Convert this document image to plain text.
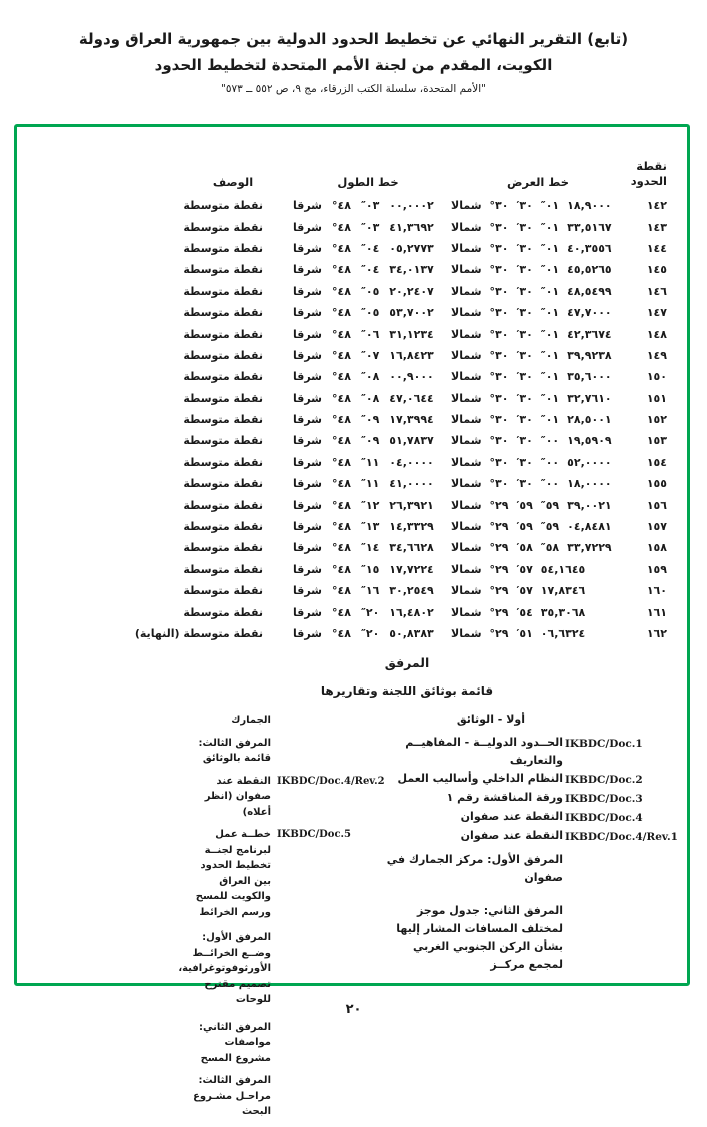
(تابع) التقرير النهائي عن تخطيط الحدود الدولية بين جمهورية العراق ودولة
الكويت، المقدم من لجنة الأمم المتحدة لتخطيط الحدود
"الأمم المتحدة، سلسلة الكتب الزرقاء، مج ٩، ص ٥٥٢ ــ ٥٧٣"
الوصف	خط الطول	خط العرض
نقطة
الحدود
نقطة متوسطة	شرقا °٤٨ ″٠٣ ٠٠,٠٠٠٢ شمالا °٣٠ ′٣٠ ″٠١ ١٨,٩٠٠٠	١٤٢
نقطة متوسطة	شرقا °٤٨ ″٠٣ ٤١,٣٦٩٢ شمالا °٣٠ ′٣٠ ″٠١ ٣٣,٥١٦٧	١٤٣
نقطة متوسطة	شرقا °٤٨ ″٠٤ ٠٥,٢٧٧٣ شمالا °٣٠ ′٣٠ ″٠١ ٤٠,٣٥٥٦	١٤٤
نقطة متوسطة	شرقا °٤٨ ″٠٤ ٣٤,٠١٣٧ شمالا °٣٠ ′٣٠ ″٠١ ٤٥,٥٢٦٥	١٤٥
نقطة متوسطة	شرقا °٤٨ ″٠٥ ٢٠,٢٤٠٧ شمالا °٣٠ ′٣٠ ″٠١ ٤٨,٥٤٩٩	١٤٦
نقطة متوسطة	شرقا °٤٨ ″٠٥ ٥٣,٧٠٠٢ شمالا °٣٠ ′٣٠ ″٠١ ٤٧,٧٠٠٠	١٤٧
نقطة متوسطة	شرقا °٤٨ ″٠٦ ٣١,١٢٣٤ شمالا °٣٠ ′٣٠ ″٠١ ٤٢,٣٦٧٤	١٤٨
نقطة متوسطة	شرقا °٤٨ ″٠٧ ١٦,٨٤٢٣ شمالا °٣٠ ′٣٠ ″٠١ ٣٩,٩٢٣٨	١٤٩
نقطة متوسطة	شرقا °٤٨ ″٠٨ ٠٠,٩٠٠٠ شمالا °٣٠ ′٣٠ ″٠١ ٣٥,٦٠٠٠	١٥٠
نقطة متوسطة	شرقا °٤٨ ″٠٨ ٤٧,٠٦٤٤ شمالا °٣٠ ′٣٠ ″٠١ ٣٢,٧٦١٠	١٥١
نقطة متوسطة	شرقا °٤٨ ″٠٩ ١٧,٣٩٩٤ شمالا °٣٠ ′٣٠ ″٠١ ٢٨,٥٠٠١	١٥٢
نقطة متوسطة	شرقا °٤٨ ″٠٩ ٥١,٧٨٣٧ شمالا °٣٠ ′٣٠ ″٠٠ ١٩,٥٩٠٩	١٥٣
نقطة متوسطة	شرقا °٤٨ ″١١ ٠٤,٠٠٠٠ شمالا °٣٠ ′٣٠ ″٠٠ ٥٢,٠٠٠٠	١٥٤
نقطة متوسطة	شرقا °٤٨ ″١١ ٤١,٠٠٠٠ شمالا °٣٠ ′٣٠ ″٠٠ ١٨,٠٠٠٠	١٥٥
نقطة متوسطة	شرقا °٤٨ ″١٢ ٢٦,٣٩٢١ شمالا °٢٩ ′٥٩ ″٥٩ ٣٩,٠٠٢١	١٥٦
نقطة متوسطة	شرقا °٤٨ ″١٣ ١٤,٣٣٢٩ شمالا °٢٩ ′٥٩ ″٥٩ ٠٤,٨٤٨١	١٥٧
نقطة متوسطة	شرقا °٤٨ ″١٤ ٣٤,٦٦٢٨ شمالا °٢٩ ′٥٨ ″٥٨ ٣٣,٧٢٢٩	١٥٨
نقطة متوسطة	شرقا °٤٨ ″١٥ ١٧,٧٢٢٤ شمالا °٢٩ ′٥٧ ٥٤,١٦٤٥	١٥٩
نقطة متوسطة	شرقا °٤٨ ″١٦ ٣٠,٢٥٤٩ شمالا °٢٩ ′٥٧ ١٧,٨٣٤٦	١٦٠
نقطة متوسطة	شرقا °٤٨ ″٢٠ ١٦,٤٨٠٢ شمالا °٢٩ ′٥٤ ٣٥,٣٠٦٨	١٦١
نقطة متوسطة (النهاية)	شرقا °٤٨ ″٢٠ ٥٠,٨٣٨٣ شمالا °٢٩ ′٥١ ٠٦,٦٣٢٤	١٦٢
المرفق
قائمة بوثائق اللجنة وتقاريرها
أولا - الوثائق
IKBDC/Doc.1
الحــدود الدوليــة - المفاهيــم والتعاريف
IKBDC/Doc.2
النظام الداخلي وأساليب العمل
IKBDC/Doc.3
ورقة المناقشة رقم ١
IKBDC/Doc.4
النقطة عند صفوان
IKBDC/Doc.4/Rev.1
النقطة عند صفوان
المرفق الأول: مركز الجمارك في صفوان
المرفق الثاني: جدول موجز لمختلف المسافات المشار إليها بشأن الركن الجنوبي الغربي لمجمع مركــز
الجمارك
المرفق الثالث: قائمة بالوثائق
IKBDC/Doc.4/Rev.2
النقطة عند صفوان (انظر أعلاه)
IKBDC/Doc.5
خطــة عمل لبرنامج لجنــة تخطيط الحدود بين العراق والكويت للمسح ورسم الخرائط
المرفق الأول: وضــع الخرائــط الأورثوفوتوغرافية، تصميم مقترح للوحات
المرفق الثاني: مواصفات مشروع المسح
المرفق الثالث: مراحـل مشـروع البحث
٢٠
